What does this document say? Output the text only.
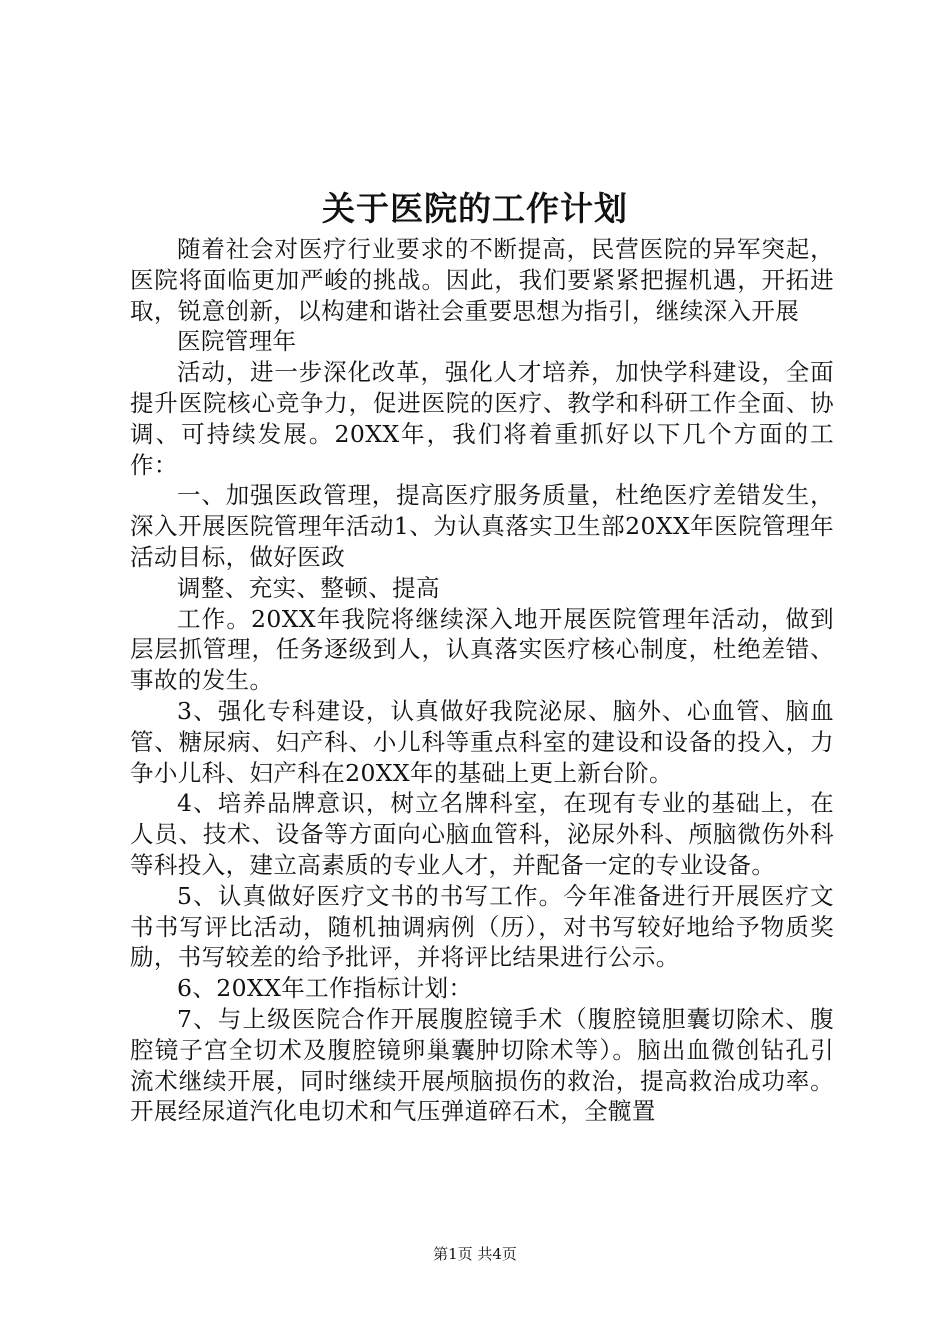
关于医院的工作计划

随着社会对医疗行业要求的不断提高，民营医院的异军突起，医院将面临更加严峻的挑战。因此，我们要紧紧把握机遇，开拓进取，锐意创新，以构建和谐社会重要思想为指引，继续深入开展

医院管理年

活动，进一步深化改革，强化人才培养，加快学科建设，全面提升医院核心竞争力，促进医院的医疗、教学和科研工作全面、协调、可持续发展。20XX年，我们将着重抓好以下几个方面的工作：

一、加强医政管理，提高医疗服务质量，杜绝医疗差错发生，深入开展医院管理年活动1、为认真落实卫生部20XX年医院管理年活动目标，做好医政

调整、充实、整顿、提高

工作。20XX年我院将继续深入地开展医院管理年活动，做到层层抓管理，任务逐级到人，认真落实医疗核心制度，杜绝差错、事故的发生。

3、强化专科建设，认真做好我院泌尿、脑外、心血管、脑血管、糖尿病、妇产科、小儿科等重点科室的建设和设备的投入，力争小儿科、妇产科在20XX年的基础上更上新台阶。

4、培养品牌意识，树立名牌科室，在现有专业的基础上，在人员、技术、设备等方面向心脑血管科，泌尿外科、颅脑微伤外科等科投入，建立高素质的专业人才，并配备一定的专业设备。

5、认真做好医疗文书的书写工作。今年准备进行开展医疗文书书写评比活动，随机抽调病例（历），对书写较好地给予物质奖励，书写较差的给予批评，并将评比结果进行公示。

6、20XX年工作指标计划：

7、与上级医院合作开展腹腔镜手术（腹腔镜胆囊切除术、腹腔镜子宫全切术及腹腔镜卵巢囊肿切除术等）。脑出血微创钻孔引流术继续开展，同时继续开展颅脑损伤的救治，提高救治成功率。开展经尿道汽化电切术和气压弹道碎石术，全髋置

第1页 共4页
